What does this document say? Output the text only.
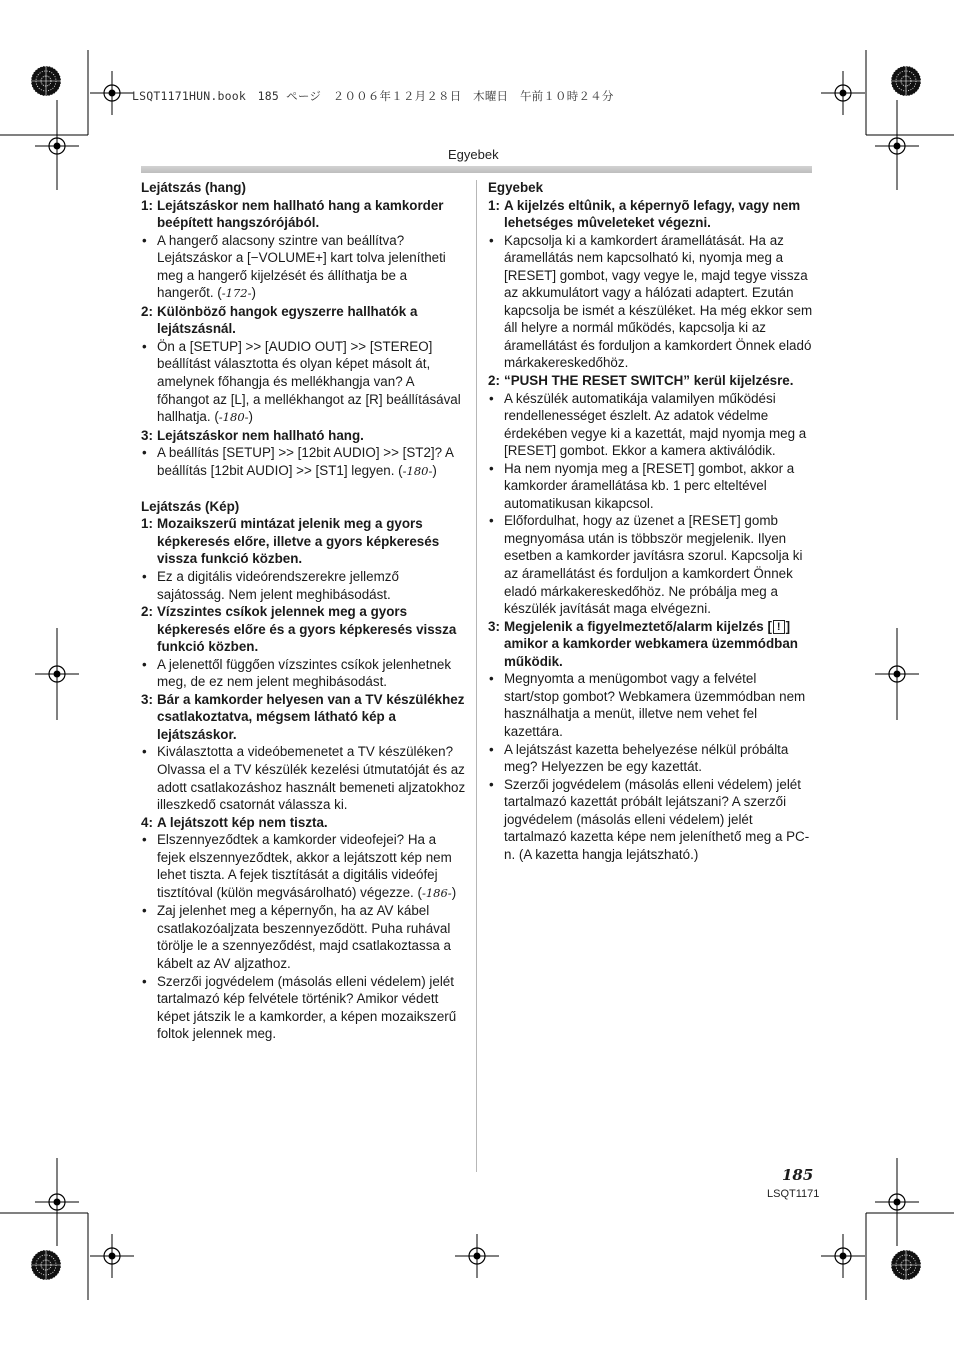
LSQT1171HUN.book　185 ページ　２００６年１２月２８日　木曜日　午前１０時２４分
Egyebek

Lejátszás (hang)

1: Lejátszáskor nem hallható hang a kamkorder beépített hangszórójából.
• A hangerő alacsony szintre van beállítva? Lejátszáskor a [−VOLUME+] kart tolva jelenítheti meg a hangerő kijelzését és állíthatja be a hangerőt. (-172-)
2: Különböző hangok egyszerre hallhatók a lejátszásnál.
• Ön a [SETUP] >> [AUDIO OUT] >> [STEREO] beállítást választotta és olyan képet másolt át, amelynek főhangja és mellékhangja van? A főhangot az [L], a mellékhangot az [R] beállításával hallhatja. (-180-)
3: Lejátszáskor nem hallható hang.
• A beállítás [SETUP] >> [12bit AUDIO] >> [ST2]? A beállítás [12bit AUDIO] >> [ST1] legyen. (-180-)

Lejátszás (Kép)

1: Mozaikszerű mintázat jelenik meg a gyors képkeresés előre, illetve a gyors képkeresés vissza funkció közben.
• Ez a digitális videórendszerekre jellemző sajátosság. Nem jelent meghibásodást.
2: Vízszintes csíkok jelennek meg a gyors képkeresés előre és a gyors képkeresés vissza funkció közben.
• A jelenettől függően vízszintes csíkok jelenhetnek meg, de ez nem jelent meghibásodást.
3: Bár a kamkorder helyesen van a TV készülékhez csatlakoztatva, mégsem látható kép a lejátszáskor.
• Kiválasztotta a videóbemenetet a TV készüléken? Olvassa el a TV készülék kezelési útmutatóját és az adott csatlakozáshoz használt bemeneti aljzatokhoz illeszkedő csatornát válassza ki.
4: A lejátszott kép nem tiszta.
• Elszennyeződtek a kamkorder videofejei? Ha a fejek elszennyeződtek, akkor a lejátszott kép nem lehet tiszta. A fejek tisztítását a digitális videófej tisztítóval (külön megvásárolható) végezze. (-186-)
• Zaj jelenhet meg a képernyőn, ha az AV kábel csatlakozóaljzata beszennyeződött. Puha ruhával törölje le a szennyeződést, majd csatlakoztassa a kábelt az AV aljzathoz.
• Szerzői jogvédelem (másolás elleni védelem) jelét tartalmazó kép felvétele történik? Amikor védett képet játszik le a kamkorder, a képen mozaikszerű foltok jelennek meg.

Egyebek

1: A kijelzés eltûnik, a képernyõ lefagy, vagy nem lehetséges mûveleteket végezni.
• Kapcsolja ki a kamkordert áramellátását. Ha az áramellátás nem kapcsolható ki, nyomja meg a [RESET] gombot, vagy vegye le, majd tegye vissza az akkumulátort vagy a hálózati adaptert. Ezután kapcsolja be ismét a készüléket. Ha még ekkor sem áll helyre a normál működés, kapcsolja ki az áramellátást és forduljon a kamkordert Önnek eladó márkakereskedőhöz.
2: “PUSH THE RESET SWITCH” kerül kijelzésre.
• A készülék automatikája valamilyen működési rendellenességet észlelt. Az adatok védelme érdekében vegye ki a kazettát, majd nyomja meg a [RESET] gombot. Ekkor a kamera aktiválódik.
• Ha nem nyomja meg a [RESET] gombot, akkor a kamkorder áramellátása kb. 1 perc elteltével automatikusan kikapcsol.
• Előfordulhat, hogy az üzenet a [RESET] gomb megnyomása után is többször megjelenik. Ilyen esetben a kamkorder javításra szorul. Kapcsolja ki az áramellátást és forduljon a kamkordert Önnek eladó márkakereskedőhöz. Ne próbálja meg a készülék javítását maga elvégezni.
3: Megjelenik a figyelmeztető/alarm kijelzés [ ! ] amikor a kamkorder webkamera üzemmódban működik.
• Megnyomta a menügombot vagy a felvétel start/stop gombot? Webkamera üzemmódban nem használhatja a menüt, illetve nem vehet fel kazettára.
• A lejátszást kazetta behelyezése nélkül próbálta meg? Helyezzen be egy kazettát.
• Szerzői jogvédelem (másolás elleni védelem) jelét tartalmazó kazettát próbált lejátszani? A szerzői jogvédelem (másolás elleni védelem) jelét tartalmazó kazetta képe nem jeleníthető meg a PC-n. (A kazetta hangja lejátszható.)
185
LSQT1171
